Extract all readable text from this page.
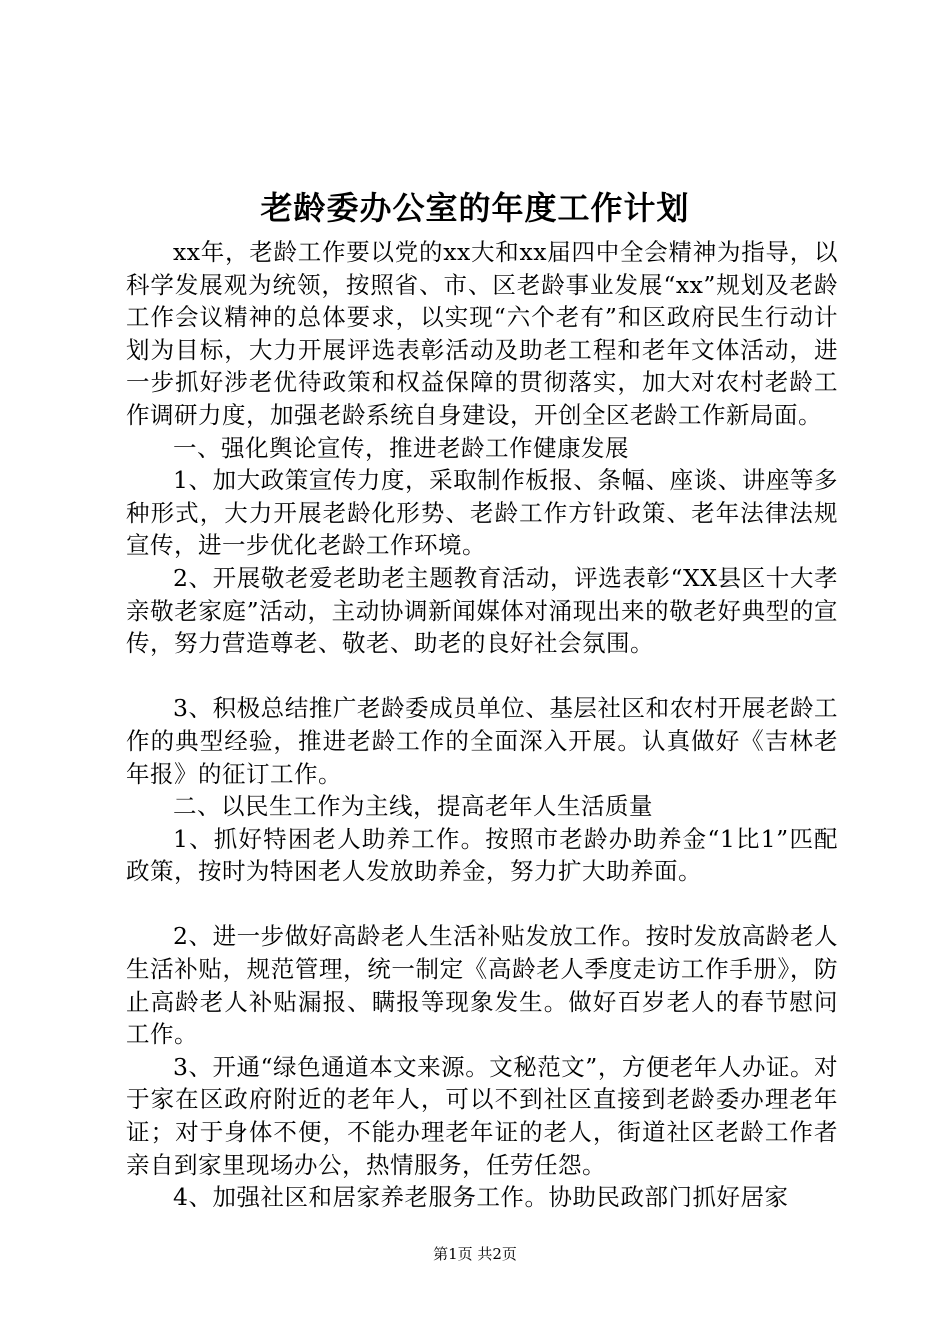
老龄委办公室的年度工作计划

xx年，老龄工作要以党的xx大和xx届四中全会精神为指导，以科学发展观为统领，按照省、市、区老龄事业发展“xx”规划及老龄工作会议精神的总体要求，以实现“六个老有”和区政府民生行动计划为目标，大力开展评选表彰活动及助老工程和老年文体活动，进一步抓好涉老优待政策和权益保障的贯彻落实，加大对农村老龄工作调研力度，加强老龄系统自身建设，开创全区老龄工作新局面。

一、强化舆论宣传，推进老龄工作健康发展

1、加大政策宣传力度，采取制作板报、条幅、座谈、讲座等多种形式，大力开展老龄化形势、老龄工作方针政策、老年法律法规宣传，进一步优化老龄工作环境。

2、开展敬老爱老助老主题教育活动，评选表彰“XX县区十大孝亲敬老家庭”活动，主动协调新闻媒体对涌现出来的敬老好典型的宣传，努力营造尊老、敬老、助老的良好社会氛围。

3、积极总结推广老龄委成员单位、基层社区和农村开展老龄工作的典型经验，推进老龄工作的全面深入开展。认真做好《吉林老年报》的征订工作。

二、以民生工作为主线，提高老年人生活质量

1、抓好特困老人助养工作。按照市老龄办助养金“1比1”匹配政策，按时为特困老人发放助养金，努力扩大助养面。

2、进一步做好高龄老人生活补贴发放工作。按时发放高龄老人生活补贴，规范管理，统一制定《高龄老人季度走访工作手册》，防止高龄老人补贴漏报、瞒报等现象发生。做好百岁老人的春节慰问工作。

3、开通“绿色通道本文来源。文秘范文”，方便老年人办证。对于家在区政府附近的老年人，可以不到社区直接到老龄委办理老年证；对于身体不便，不能办理老年证的老人，街道社区老龄工作者亲自到家里现场办公，热情服务，任劳任怨。

4、加强社区和居家养老服务工作。协助民政部门抓好居家

第1页 共2页
